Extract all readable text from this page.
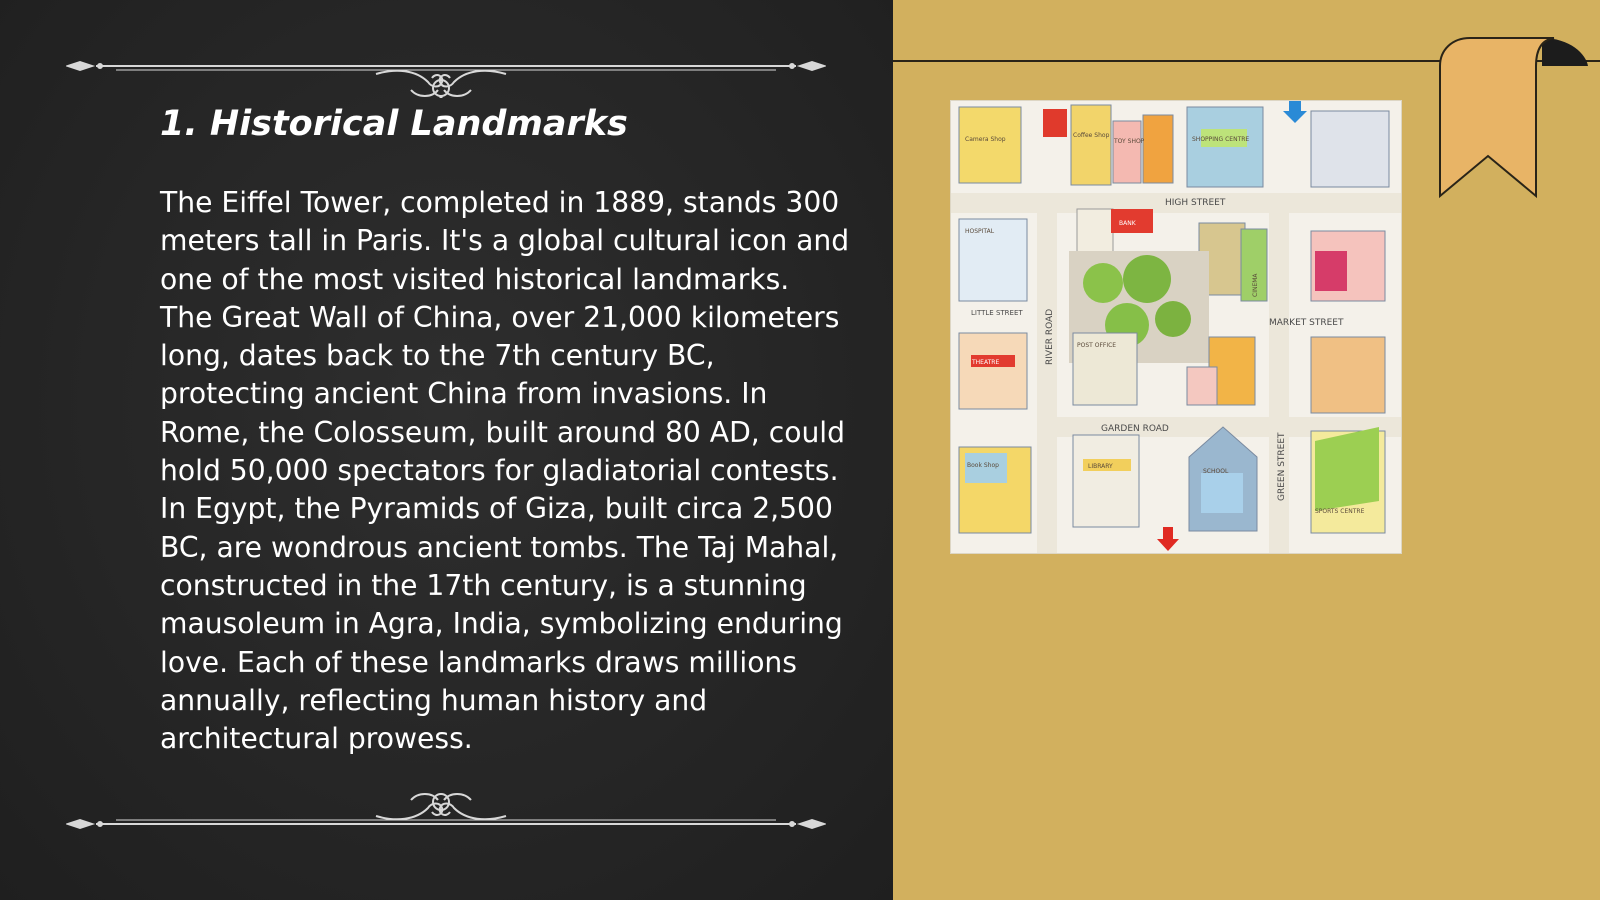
1. Historical Landmarks

The Eiffel Tower, completed in 1889, stands 300 meters tall in Paris. It's a global cultural icon and one of the most visited historical landmarks. The Great Wall of China, over 21,000 kilometers long, dates back to the 7th century BC, protecting ancient China from invasions. In Rome, the Colosseum, built around 80 AD, could hold 50,000 spectators for gladiatorial contests. In Egypt, the Pyramids of Giza, built circa 2,500 BC, are wondrous ancient tombs. The Taj Mahal, constructed in the 17th century, is a stunning mausoleum in Agra, India, symbolizing enduring love. Each of these landmarks draws millions annually, reflecting human history and architectural prowess.

HIGH STREET
MARKET STREET
GARDEN ROAD
RIVER ROAD
GREEN STREET
LITTLE STREET
Camera Shop
Coffee Shop
TOY SHOP	SHOPPING CENTRE
HOSPITAL
BANK
CINEMA
THEATRE
POST OFFICE
Book Shop	LIBRARY
SCHOOL
SPORTS CENTRE
